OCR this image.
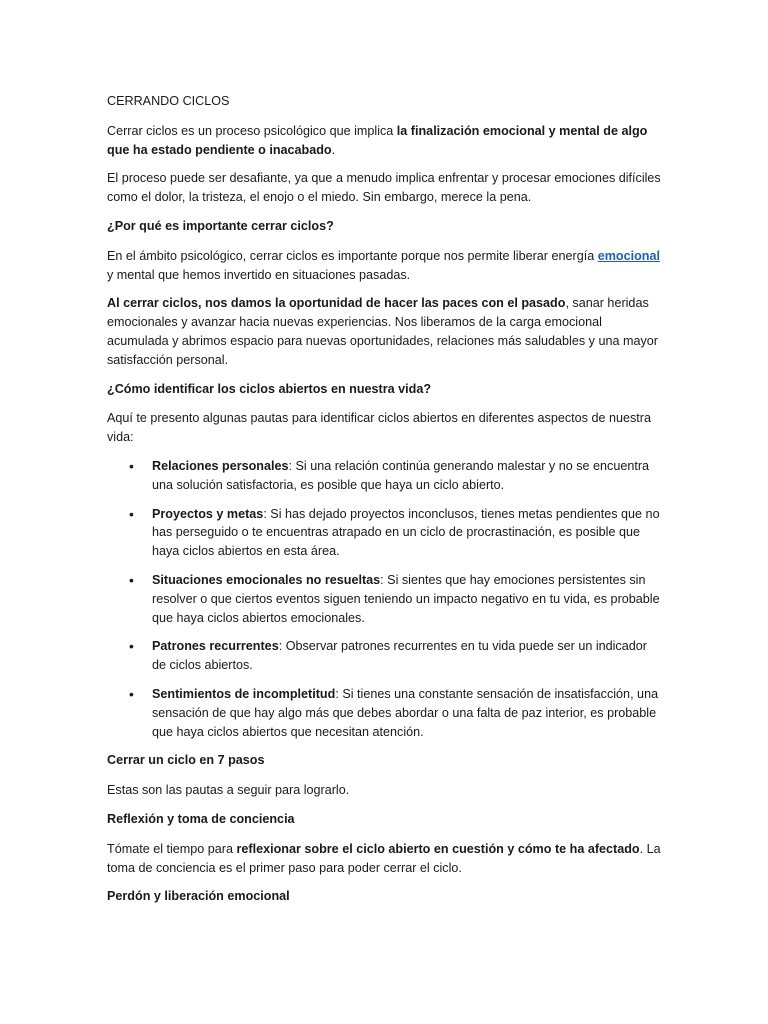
CERRANDO CICLOS

Cerrar ciclos es un proceso psicológico que implica la finalización emocional y mental de algo que ha estado pendiente o inacabado.

El proceso puede ser desafiante, ya que a menudo implica enfrentar y procesar emociones difíciles como el dolor, la tristeza, el enojo o el miedo. Sin embargo, merece la pena.

¿Por qué es importante cerrar ciclos?

En el ámbito psicológico, cerrar ciclos es importante porque nos permite liberar energía emocional y mental que hemos invertido en situaciones pasadas.

Al cerrar ciclos, nos damos la oportunidad de hacer las paces con el pasado, sanar heridas emocionales y avanzar hacia nuevas experiencias. Nos liberamos de la carga emocional acumulada y abrimos espacio para nuevas oportunidades, relaciones más saludables y una mayor satisfacción personal.

¿Cómo identificar los ciclos abiertos en nuestra vida?

Aquí te presento algunas pautas para identificar ciclos abiertos en diferentes aspectos de nuestra vida:

• Relaciones personales: Si una relación continúa generando malestar y no se encuentra una solución satisfactoria, es posible que haya un ciclo abierto.
• Proyectos y metas: Si has dejado proyectos inconclusos, tienes metas pendientes que no has perseguido o te encuentras atrapado en un ciclo de procrastinación, es posible que haya ciclos abiertos en esta área.
• Situaciones emocionales no resueltas: Si sientes que hay emociones persistentes sin resolver o que ciertos eventos siguen teniendo un impacto negativo en tu vida, es probable que haya ciclos abiertos emocionales.
• Patrones recurrentes: Observar patrones recurrentes en tu vida puede ser un indicador de ciclos abiertos.
• Sentimientos de incompletitud: Si tienes una constante sensación de insatisfacción, una sensación de que hay algo más que debes abordar o una falta de paz interior, es probable que haya ciclos abiertos que necesitan atención.

Cerrar un ciclo en 7 pasos

Estas son las pautas a seguir para lograrlo.

Reflexión y toma de conciencia

Tómate el tiempo para reflexionar sobre el ciclo abierto en cuestión y cómo te ha afectado. La toma de conciencia es el primer paso para poder cerrar el ciclo.

Perdón y liberación emocional
